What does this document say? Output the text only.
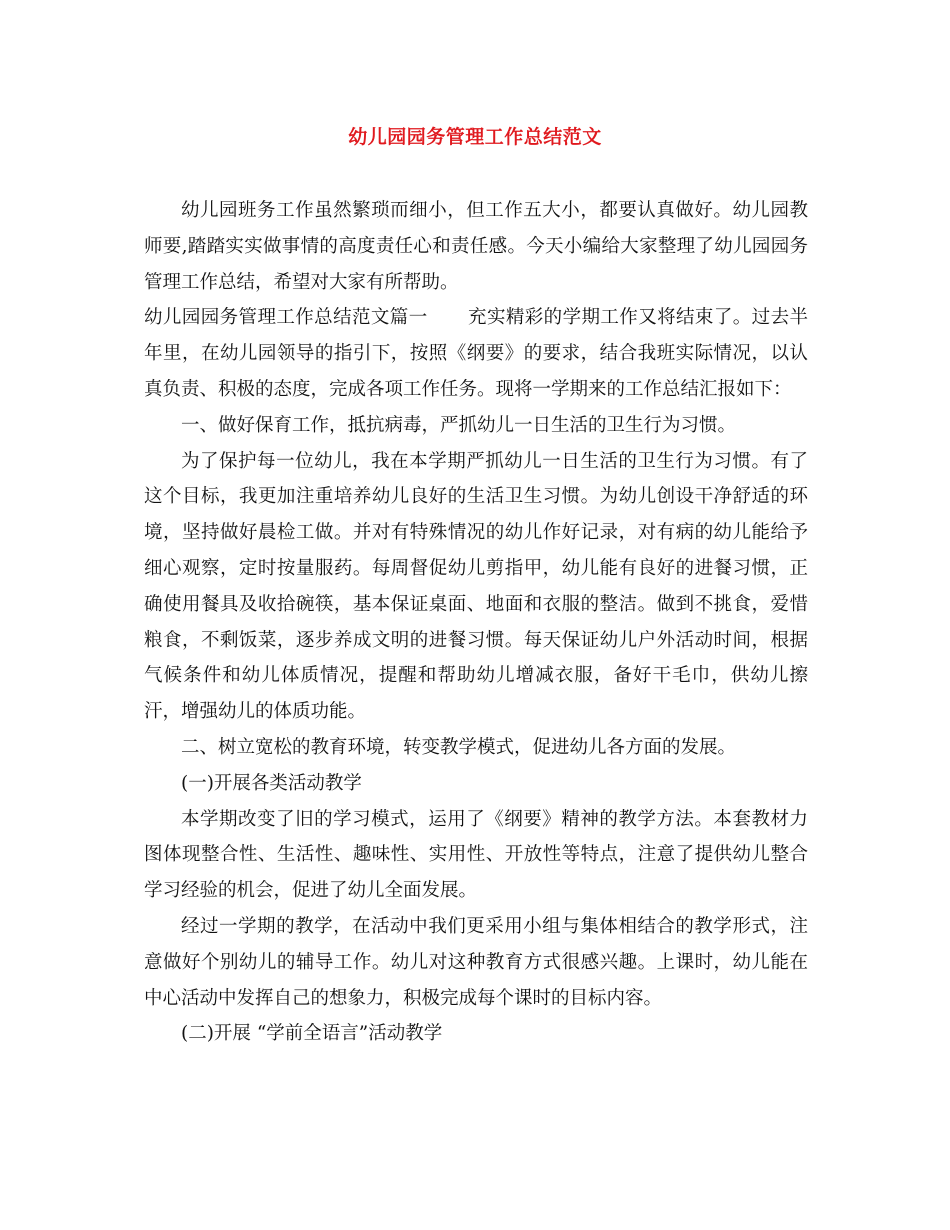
幼儿园园务管理工作总结范文

幼儿园班务工作虽然繁琐而细小，但工作五大小，都要认真做好。幼儿园教师要,踏踏实实做事情的高度责任心和责任感。今天小编给大家整理了幼儿园园务管理工作总结，希望对大家有所帮助。

幼儿园园务管理工作总结范文篇一 充实精彩的学期工作又将结束了。过去半年里，在幼儿园领导的指引下，按照《纲要》的要求，结合我班实际情况，以认真负责、积极的态度，完成各项工作任务。现将一学期来的工作总结汇报如下：

一、做好保育工作，抵抗病毒，严抓幼儿一日生活的卫生行为习惯。

为了保护每一位幼儿，我在本学期严抓幼儿一日生活的卫生行为习惯。有了这个目标，我更加注重培养幼儿良好的生活卫生习惯。为幼儿创设干净舒适的环境，坚持做好晨检工做。并对有特殊情况的幼儿作好记录，对有病的幼儿能给予细心观察，定时按量服药。每周督促幼儿剪指甲，幼儿能有良好的进餐习惯，正确使用餐具及收拾碗筷，基本保证桌面、地面和衣服的整洁。做到不挑食，爱惜粮食，不剩饭菜，逐步养成文明的进餐习惯。每天保证幼儿户外活动时间，根据气候条件和幼儿体质情况，提醒和帮助幼儿增减衣服，备好干毛巾，供幼儿擦汗，增强幼儿的体质功能。

二、树立宽松的教育环境，转变教学模式，促进幼儿各方面的发展。

(一)开展各类活动教学

本学期改变了旧的学习模式，运用了《纲要》精神的教学方法。本套教材力图体现整合性、生活性、趣味性、实用性、开放性等特点，注意了提供幼儿整合学习经验的机会，促进了幼儿全面发展。

经过一学期的教学，在活动中我们更采用小组与集体相结合的教学形式，注意做好个别幼儿的辅导工作。幼儿对这种教育方式很感兴趣。上课时，幼儿能在中心活动中发挥自己的想象力，积极完成每个课时的目标内容。

(二)开展 “学前全语言”活动教学
